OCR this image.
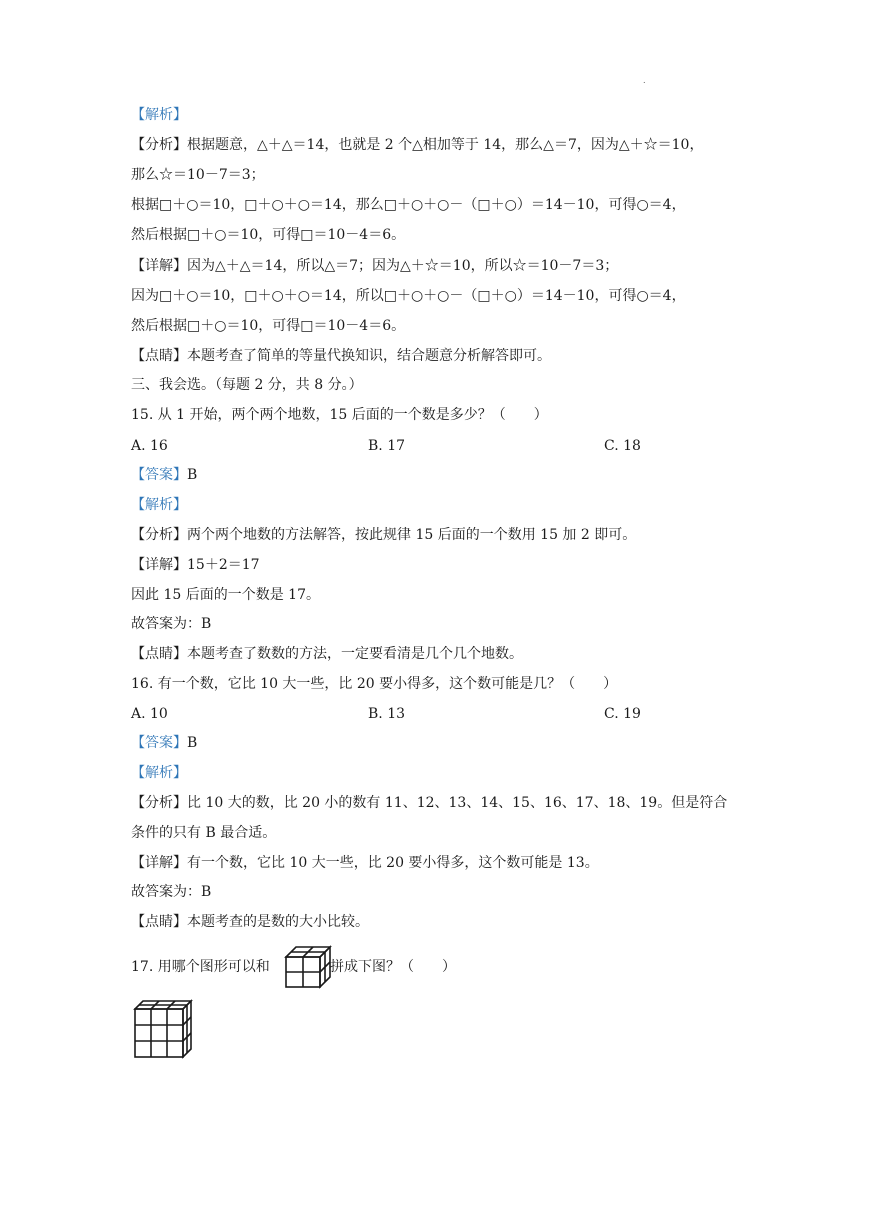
.
【解析】
【分析】根据题意，△＋△＝14，也就是 2 个△相加等于 14，那么△＝7，因为△＋☆＝10，
那么☆＝10－7＝3；
根据□＋○＝10，□＋○＋○＝14，那么□＋○＋○－（□＋○）＝14－10，可得○＝4，
然后根据□＋○＝10，可得□＝10－4＝6。
【详解】因为△＋△＝14，所以△＝7；因为△＋☆＝10，所以☆＝10－7＝3；
因为□＋○＝10，□＋○＋○＝14，所以□＋○＋○－（□＋○）＝14－10，可得○＝4，
然后根据□＋○＝10，可得□＝10－4＝6。
【点睛】本题考查了简单的等量代换知识，结合题意分析解答即可。
三、我会选。（每题 2 分，共 8 分。）
15. 从 1 开始，两个两个地数，15 后面的一个数是多少？（　　）
A. 16	B. 17	C. 18
【答案】B
【解析】
【分析】两个两个地数的方法解答，按此规律 15 后面的一个数用 15 加 2 即可。
【详解】15＋2＝17
因此 15 后面的一个数是 17。
故答案为：B
【点睛】本题考查了数数的方法，一定要看清是几个几个地数。
16. 有一个数，它比 10 大一些，比 20 要小得多，这个数可能是几？（　　）
A. 10	B. 13	C. 19
【答案】B
【解析】
【分析】比 10 大的数，比 20 小的数有 11、12、13、14、15、16、17、18、19。但是符合
条件的只有 B 最合适。
【详解】有一个数，它比 10 大一些，比 20 要小得多，这个数可能是 13。
故答案为：B
【点睛】本题考查的是数的大小比较。
17. 用哪个图形可以和	拼成下图？（　　）
